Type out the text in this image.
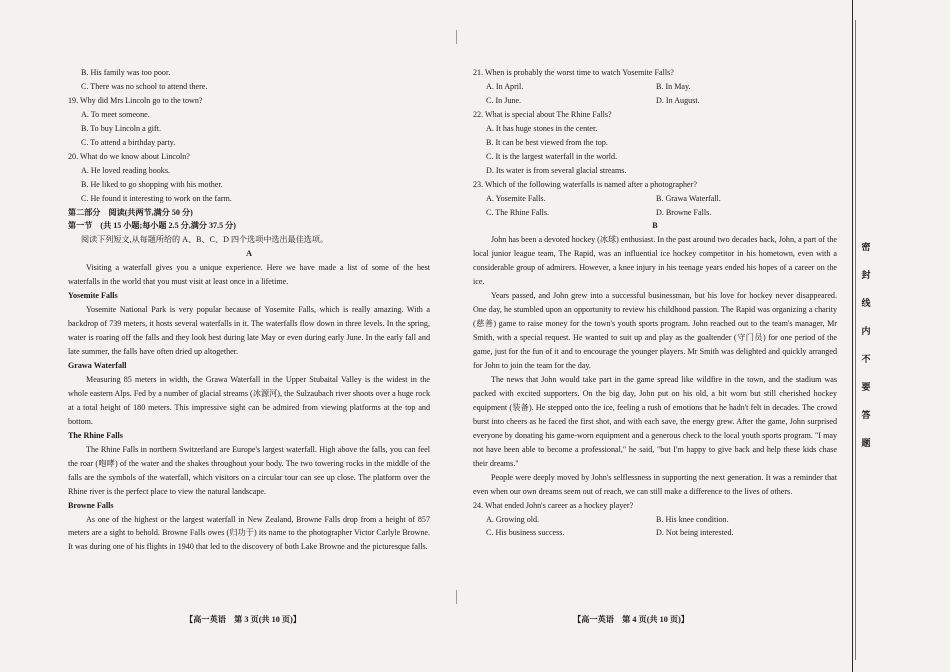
B. His family was too poor.
C. There was no school to attend there.
19. Why did Mrs Lincoln go to the town?
A. To meet someone.
B. To buy Lincoln a gift.
C. To attend a birthday party.
20. What do we know about Lincoln?
A. He loved reading books.
B. He liked to go shopping with his mother.
C. He found it interesting to work on the farm.
第二部分　阅读(共两节,满分 50 分)
第一节　(共 15 小题;每小题 2.5 分,满分 37.5 分)
阅读下列短文,从每题所给的 A、B、C、D 四个选项中选出最佳选项。
A
Visiting a waterfall gives you a unique experience. Here we have made a list of some of the best waterfalls in the world that you must visit at least once in a lifetime.
Yosemite Falls
Yosemite National Park is very popular because of Yosemite Falls, which is really amazing. With a backdrop of 739 meters, it hosts several waterfalls in it. The waterfalls flow down in three levels. In the spring, water is roaring off the falls and they look best during late May or even during early June. In the early fall and late summer, the falls have often dried up altogether.
Grawa Waterfall
Measuring 85 meters in width, the Grawa Waterfall in the Upper Stubaital Valley is the widest in the whole eastern Alps. Fed by a number of glacial streams (冰源河), the Sulzaubach river shoots over a huge rock at a total height of 180 meters. This impressive sight can be admired from viewing platforms at the top and bottom.
The Rhine Falls
The Rhine Falls in northern Switzerland are Europe's largest waterfall. High above the falls, you can feel the roar (咆哮) of the water and the shakes throughout your body. The two towering rocks in the middle of the falls are the symbols of the waterfall, which visitors on a circular tour can see up close. The platform over the Rhine river is the perfect place to view the natural landscape.
Browne Falls
As one of the highest or the largest waterfall in New Zealand, Browne Falls drop from a height of 857 meters are a sight to behold. Browne Falls owes (归功于) its name to the photographer Victor Carlyle Browne. It was during one of his flights in 1940 that led to the discovery of both Lake Browne and the picturesque falls.
【高一英语　第 3 页(共 10 页)】
21. When is probably the worst time to watch Yosemite Falls?
A. In April.	B. In May.
C. In June.	D. In August.
22. What is special about The Rhine Falls?
A. It has huge stones in the center.
B. It can be best viewed from the top.
C. It is the largest waterfall in the world.
D. Its water is from several glacial streams.
23. Which of the following waterfalls is named after a photographer?
A. Yosemite Falls.	B. Grawa Waterfall.
C. The Rhine Falls.	D. Browne Falls.
B
John has been a devoted hockey (冰球) enthusiast. In the past around two decades back, John, a part of the local junior league team, The Rapid, was an influential ice hockey competitor in his hometown, even with a considerable group of admirers. However, a knee injury in his teenage years ended his hopes of a career on the ice.
Years passed, and John grew into a successful businessman, but his love for hockey never disappeared. One day, he stumbled upon an opportunity to review his childhood passion. The Rapid was organizing a charity (慈善) game to raise money for the town's youth sports program. John reached out to the team's manager, Mr Smith, with a special request. He wanted to suit up and play as the goaltender (守门员) for one period of the game, just for the fun of it and to encourage the younger players. Mr Smith was delighted and quickly arranged for John to join the team for the day.
The news that John would take part in the game spread like wildfire in the town, and the stadium was packed with excited supporters. On the big day, John put on his old, a bit worn but still cherished hockey equipment (装备). He stepped onto the ice, feeling a rush of emotions that he hadn't felt in decades. The crowd burst into cheers as he faced the first shot, and with each save, the energy grew. After the game, John surprised everyone by donating his game-worn equipment and a generous check to the local youth sports program. "I may not have been able to become a professional," he said, "but I'm happy to give back and help these kids chase their dreams."
People were deeply moved by John's selflessness in supporting the next generation. It was a reminder that even when our own dreams seem out of reach, we can still make a difference to the lives of others.
24. What ended John's career as a hockey player?
A. Growing old.	B. His knee condition.
C. His business success.	D. Not being interested.
【高一英语　第 4 页(共 10 页)】
密
封
线
内
不
要
答
题
